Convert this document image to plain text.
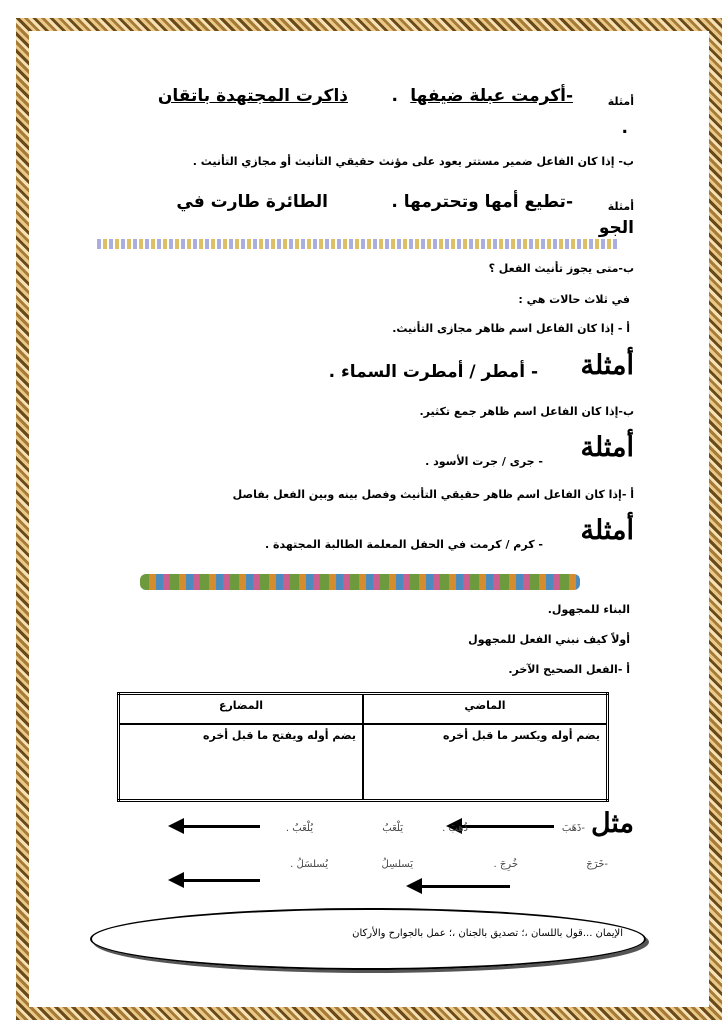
أمثلة
-أكرمت عبلة ضيفها
.
ذاكرت المجتهدة باتقان
.
ب- إذا كان الفاعل ضمير مستتر يعود على مؤنث حقيقي التأنيث أو مجازي التأنيث .
أمثلة
-تطيع أمها وتحترمها .
الطائرة طارت في
الجو
ب-متى يجوز تأنيث الفعل ؟
في ثلاث حالات هي :
أ - إذا كان الفاعل اسم ظاهر مجازى التأنيث.
أمثلة
- أمطر / أمطرت السماء .
ب-إذا كان الفاعل اسم ظاهر جمع تكثير.
أمثلة
- جرى / جرت الأسود .
أ -إذا كان الفاعل اسم ظاهر حقيقي التأنيث وفصل بينه وبين الفعل بفاصل
أمثلة
- كرم / كرمت في الحفل المعلمة الطالبة المجتهدة .
البناء للمجهول.
أولاً كيف نبني الفعل للمجهول
أ -الفعل الصحيح الآخر.
الماضي	المضارع
يضم أوله ويكسر ما قبل أخره	يضم أوله ويفتح ما قبل أخره
مثل
-ذَهَبَ
ذُهِبَ .
يَلْعَبُ
يُلْعَبُ .
-خَرَجَ
خُرِجَ .
يَسلسِلُ
يُسلسَلُ .
الإيمان ...قول باللسان ،؛ تصديق بالجنان ،؛ عمل بالجوارح والأركان
